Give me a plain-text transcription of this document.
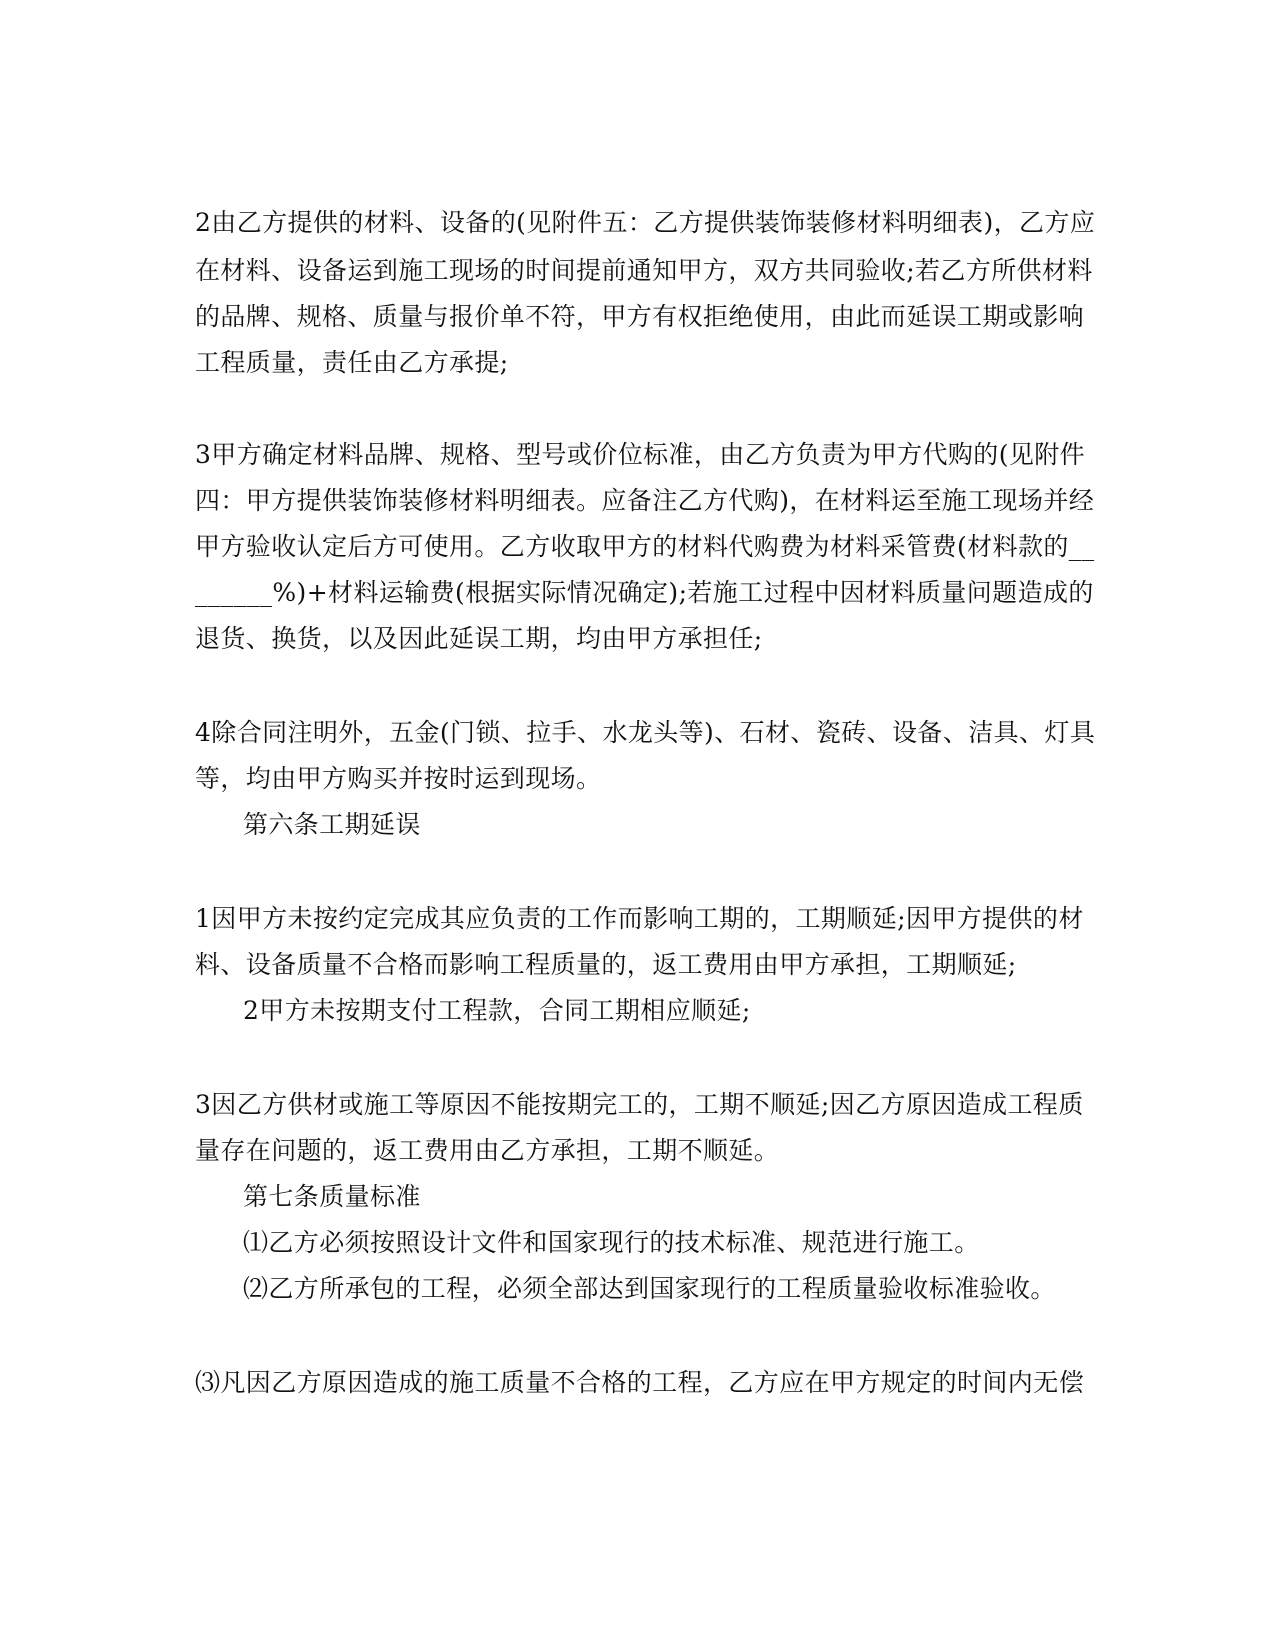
2由乙方提供的材料、设备的(见附件五：乙方提供装饰装修材料明细表)，乙方应
在材料、设备运到施工现场的时间提前通知甲方，双方共同验收;若乙方所供材料
的品牌、规格、质量与报价单不符，甲方有权拒绝使用，由此而延误工期或影响
工程质量，责任由乙方承提;
3甲方确定材料品牌、规格、型号或价位标准，由乙方负责为甲方代购的(见附件
四：甲方提供装饰装修材料明细表。应备注乙方代购)，在材料运至施工现场并经
甲方验收认定后方可使用。乙方收取甲方的材料代购费为材料采管费(材料款的__
______%)+材料运输费(根据实际情况确定);若施工过程中因材料质量问题造成的
退货、换货，以及因此延误工期，均由甲方承担任;
4除合同注明外，五金(门锁、拉手、水龙头等)、石材、瓷砖、设备、洁具、灯具
等，均由甲方购买并按时运到现场。
第六条工期延误
1因甲方未按约定完成其应负责的工作而影响工期的，工期顺延;因甲方提供的材
料、设备质量不合格而影响工程质量的，返工费用由甲方承担，工期顺延;
2甲方未按期支付工程款，合同工期相应顺延;
3因乙方供材或施工等原因不能按期完工的，工期不顺延;因乙方原因造成工程质
量存在问题的，返工费用由乙方承担，工期不顺延。
第七条质量标准
⑴乙方必须按照设计文件和国家现行的技术标准、规范进行施工。
⑵乙方所承包的工程，必须全部达到国家现行的工程质量验收标准验收。
⑶凡因乙方原因造成的施工质量不合格的工程，乙方应在甲方规定的时间内无偿
